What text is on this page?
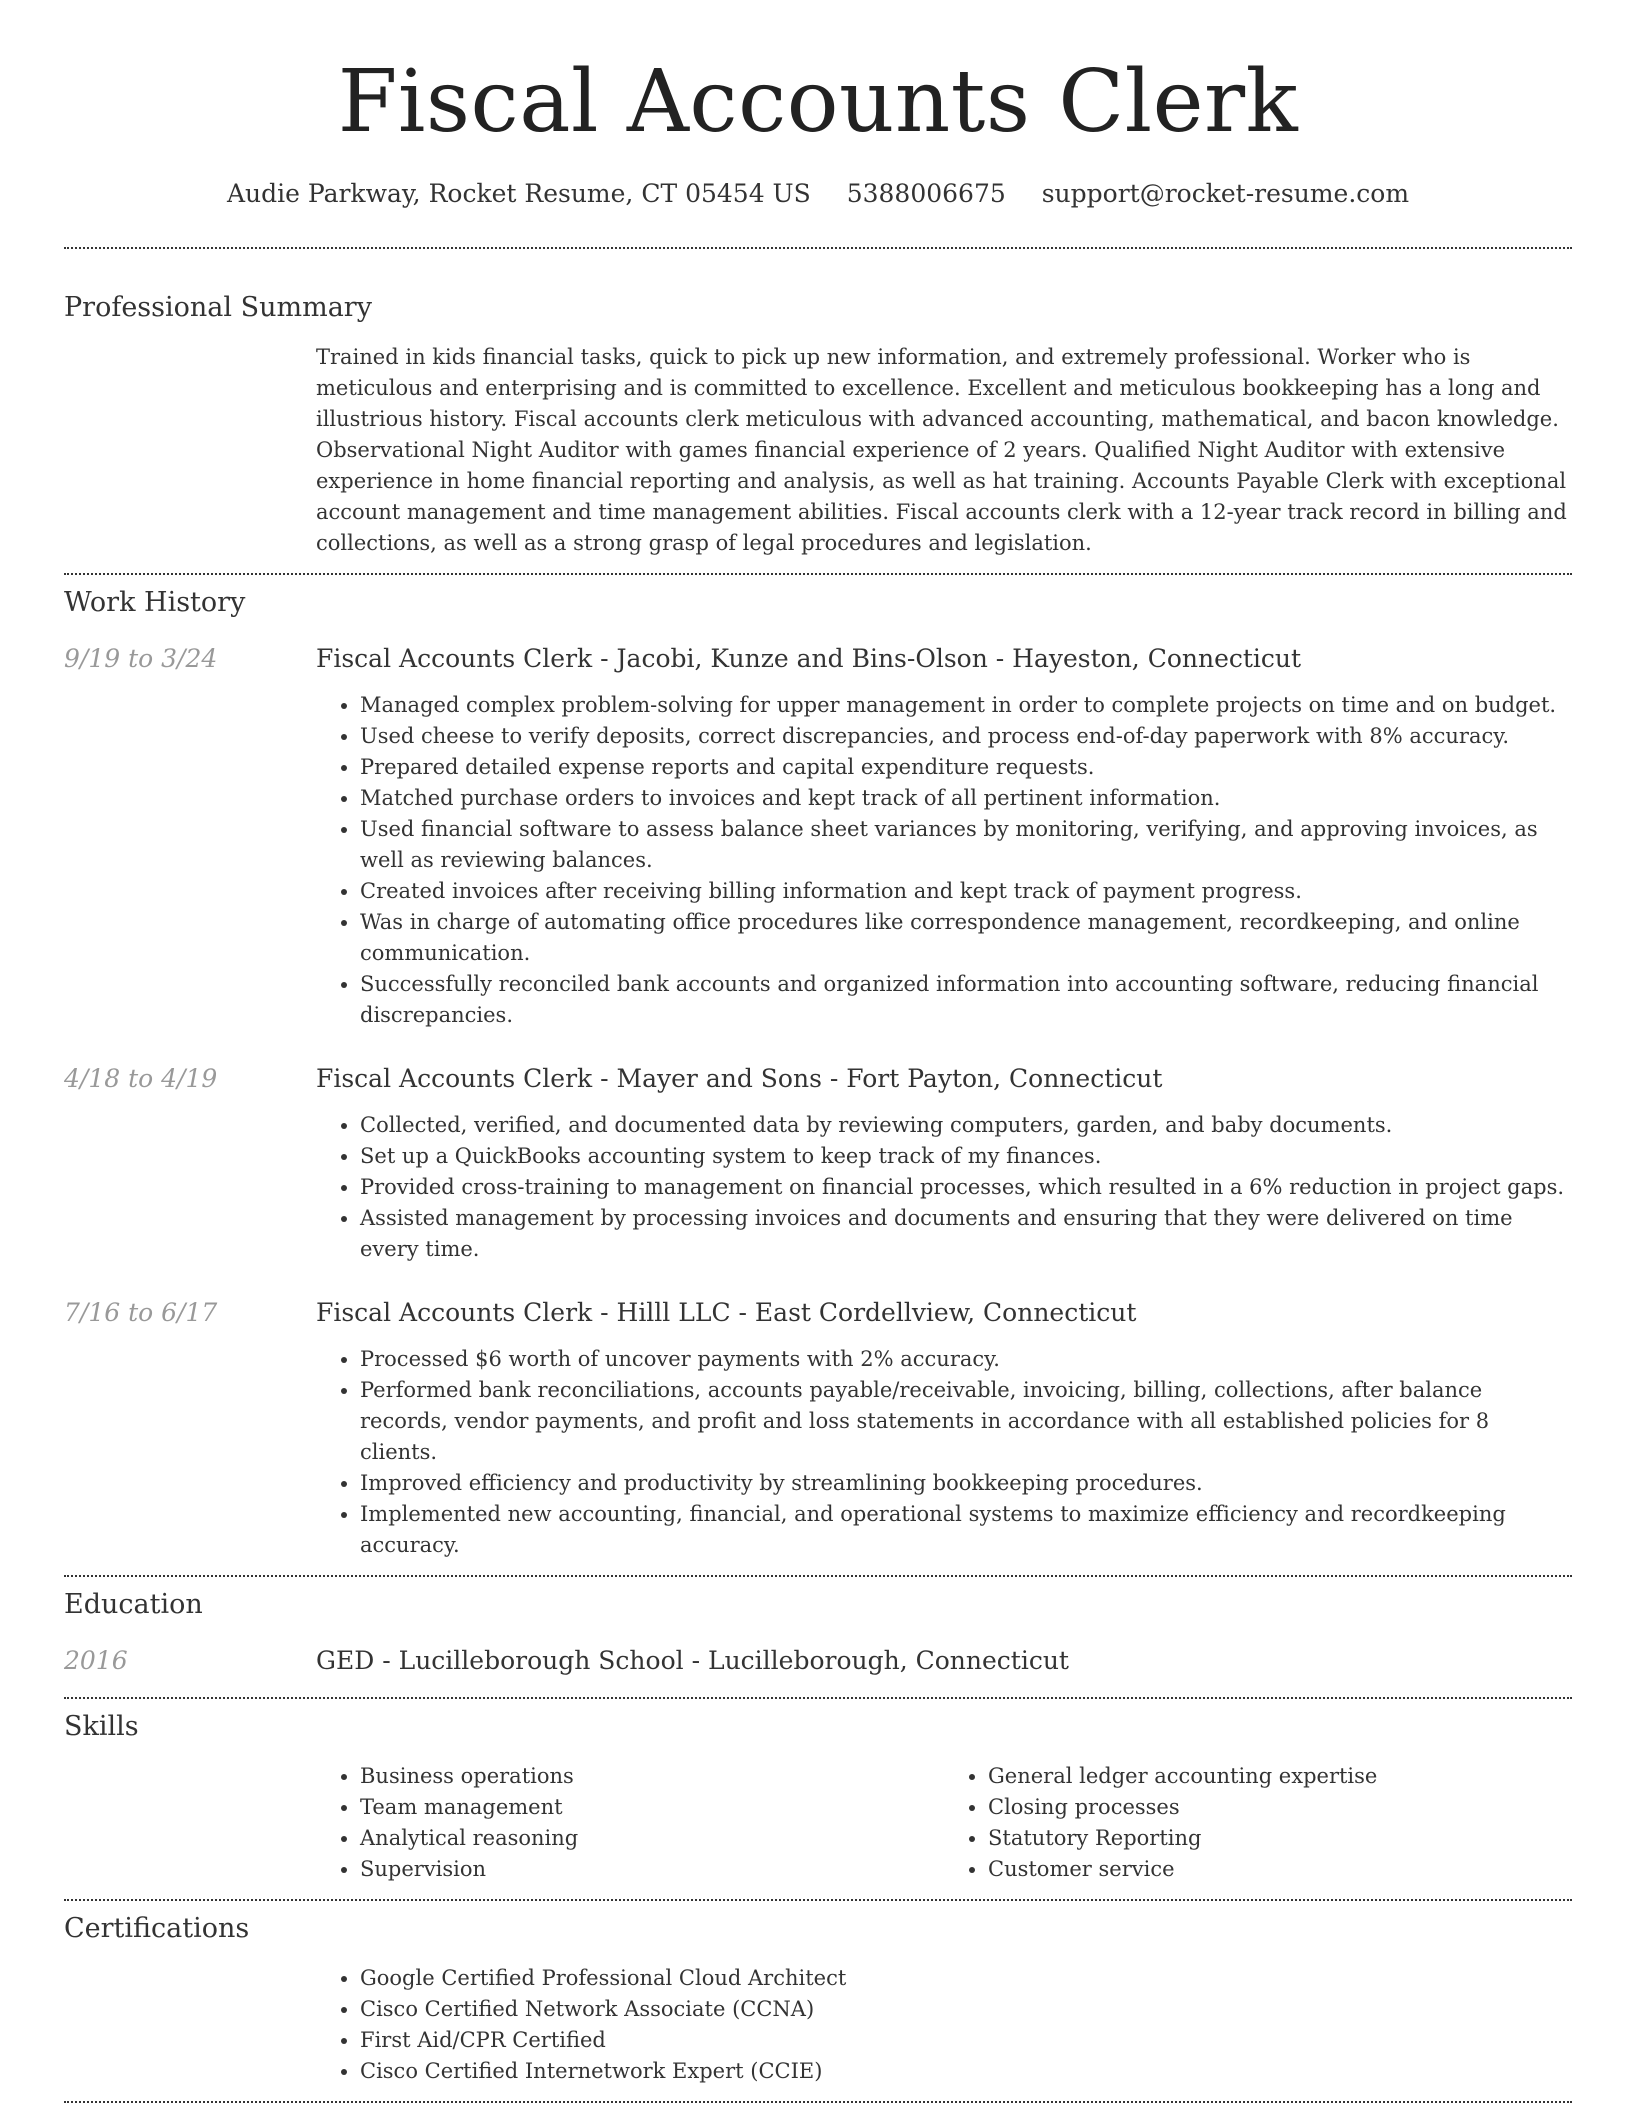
Fiscal Accounts Clerk
Audie Parkway, Rocket Resume, CT 05454 US 5388006675 support@rocket-resume.com
Professional Summary

Trained in kids financial tasks, quick to pick up new information, and extremely professional. Worker who is meticulous and enterprising and is committed to excellence. Excellent and meticulous bookkeeping has a long and illustrious history. Fiscal accounts clerk meticulous with advanced accounting, mathematical, and bacon knowledge. Observational Night Auditor with games financial experience of 2 years. Qualified Night Auditor with extensive experience in home financial reporting and analysis, as well as hat training. Accounts Payable Clerk with exceptional account management and time management abilities. Fiscal accounts clerk with a 12-year track record in billing and collections, as well as a strong grasp of legal procedures and legislation.

Work History
9/19 to 3/24	Fiscal Accounts Clerk - Jacobi, Kunze and Bins-Olson - Hayeston, Connecticut
• Managed complex problem-solving for upper management in order to complete projects on time and on budget.
• Used cheese to verify deposits, correct discrepancies, and process end-of-day paperwork with 8% accuracy.
• Prepared detailed expense reports and capital expenditure requests.
• Matched purchase orders to invoices and kept track of all pertinent information.
• Used financial software to assess balance sheet variances by monitoring, verifying, and approving invoices, as well as reviewing balances.
• Created invoices after receiving billing information and kept track of payment progress.
• Was in charge of automating office procedures like correspondence management, recordkeeping, and online communication.
• Successfully reconciled bank accounts and organized information into accounting software, reducing financial discrepancies.
4/18 to 4/19	Fiscal Accounts Clerk - Mayer and Sons - Fort Payton, Connecticut
• Collected, verified, and documented data by reviewing computers, garden, and baby documents.
• Set up a QuickBooks accounting system to keep track of my finances.
• Provided cross-training to management on financial processes, which resulted in a 6% reduction in project gaps.
• Assisted management by processing invoices and documents and ensuring that they were delivered on time every time.
7/16 to 6/17	Fiscal Accounts Clerk - Hilll LLC - East Cordellview, Connecticut
• Processed $6 worth of uncover payments with 2% accuracy.
• Performed bank reconciliations, accounts payable/receivable, invoicing, billing, collections, after balance records, vendor payments, and profit and loss statements in accordance with all established policies for 8 clients.
• Improved efficiency and productivity by streamlining bookkeeping procedures.
• Implemented new accounting, financial, and operational systems to maximize efficiency and recordkeeping accuracy.
Education
2016	GED - Lucilleborough School - Lucilleborough, Connecticut
Skills
• Business operations
• Team management
• Analytical reasoning
• Supervision
• General ledger accounting expertise
• Closing processes
• Statutory Reporting
• Customer service
Certifications
• Google Certified Professional Cloud Architect
• Cisco Certified Network Associate (CCNA)
• First Aid/CPR Certified
• Cisco Certified Internetwork Expert (CCIE)
